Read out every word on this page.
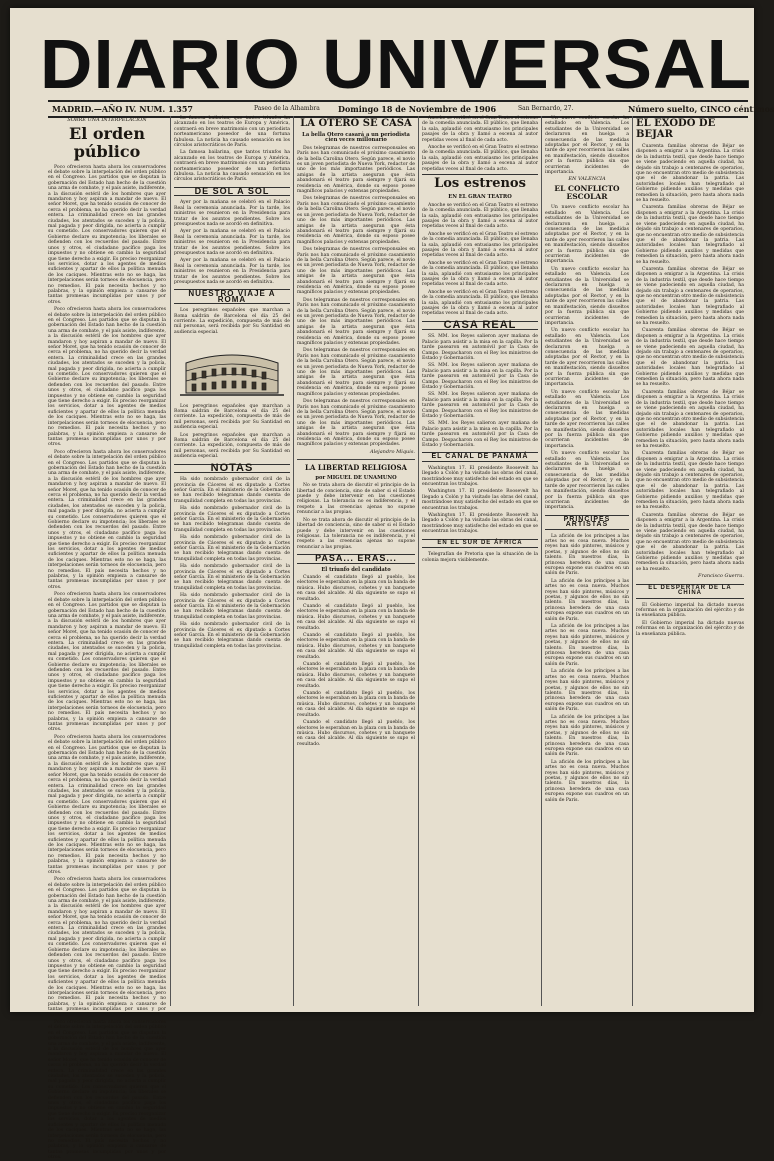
DIARIO UNIVERSAL
MADRID.—AÑO IV. NUM. 1.357	Paseo de la Alhambra Domingo 18 de Noviembre de 1906	San Bernardo, 27.	Número suelto, CINCO céntimos
SOBRE UNA INTERPELACIÓN
El orden público

Poco ofrecieron hasta ahora los conservadores el debate sobre la interpelación del orden público en el Congreso. Los partidos que se disputan la gobernación del Estado han hecho de la cuestión una arma de combate, y el país asiste, indiferente, a la discusión estéril de los hombres que ayer mandaron y hoy aspiran a mandar de nuevo. El señor Moret, que ha tenido ocasión de conocer de cerca el problema, no ha querido decir la verdad entera. La criminalidad crece en las grandes ciudades, los atentados se suceden y la policía, mal pagada y peor dirigida, no acierta a cumplir su cometido. Los conservadores quieren que el Gobierno declare su impotencia; los liberales se defienden con los recuerdos del pasado. Entre unos y otros, el ciudadano pacífico paga los impuestos y no obtiene en cambio la seguridad que tiene derecho a exigir. Es preciso reorganizar los servicios, dotar a los agentes de medios suficientes y apartar de ellos la política menuda de los caciques. Mientras esto no se haga, las interpelaciones serán torneos de elocuencia, pero no remedios. El país necesita hechos y no palabras, y la opinión empieza a cansarse de tantas promesas incumplidas por unos y por otros.

Poco ofrecieron hasta ahora los conservadores el debate sobre la interpelación del orden público en el Congreso. Los partidos que se disputan la gobernación del Estado han hecho de la cuestión una arma de combate, y el país asiste, indiferente, a la discusión estéril de los hombres que ayer mandaron y hoy aspiran a mandar de nuevo. El señor Moret, que ha tenido ocasión de conocer de cerca el problema, no ha querido decir la verdad entera. La criminalidad crece en las grandes ciudades, los atentados se suceden y la policía, mal pagada y peor dirigida, no acierta a cumplir su cometido. Los conservadores quieren que el Gobierno declare su impotencia; los liberales se defienden con los recuerdos del pasado. Entre unos y otros, el ciudadano pacífico paga los impuestos y no obtiene en cambio la seguridad que tiene derecho a exigir. Es preciso reorganizar los servicios, dotar a los agentes de medios suficientes y apartar de ellos la política menuda de los caciques. Mientras esto no se haga, las interpelaciones serán torneos de elocuencia, pero no remedios. El país necesita hechos y no palabras, y la opinión empieza a cansarse de tantas promesas incumplidas por unos y por otros.

Poco ofrecieron hasta ahora los conservadores el debate sobre la interpelación del orden público en el Congreso. Los partidos que se disputan la gobernación del Estado han hecho de la cuestión una arma de combate, y el país asiste, indiferente, a la discusión estéril de los hombres que ayer mandaron y hoy aspiran a mandar de nuevo. El señor Moret, que ha tenido ocasión de conocer de cerca el problema, no ha querido decir la verdad entera. La criminalidad crece en las grandes ciudades, los atentados se suceden y la policía, mal pagada y peor dirigida, no acierta a cumplir su cometido. Los conservadores quieren que el Gobierno declare su impotencia; los liberales se defienden con los recuerdos del pasado. Entre unos y otros, el ciudadano pacífico paga los impuestos y no obtiene en cambio la seguridad que tiene derecho a exigir. Es preciso reorganizar los servicios, dotar a los agentes de medios suficientes y apartar de ellos la política menuda de los caciques. Mientras esto no se haga, las interpelaciones serán torneos de elocuencia, pero no remedios. El país necesita hechos y no palabras, y la opinión empieza a cansarse de tantas promesas incumplidas por unos y por otros.

Poco ofrecieron hasta ahora los conservadores el debate sobre la interpelación del orden público en el Congreso. Los partidos que se disputan la gobernación del Estado han hecho de la cuestión una arma de combate, y el país asiste, indiferente, a la discusión estéril de los hombres que ayer mandaron y hoy aspiran a mandar de nuevo. El señor Moret, que ha tenido ocasión de conocer de cerca el problema, no ha querido decir la verdad entera. La criminalidad crece en las grandes ciudades, los atentados se suceden y la policía, mal pagada y peor dirigida, no acierta a cumplir su cometido. Los conservadores quieren que el Gobierno declare su impotencia; los liberales se defienden con los recuerdos del pasado. Entre unos y otros, el ciudadano pacífico paga los impuestos y no obtiene en cambio la seguridad que tiene derecho a exigir. Es preciso reorganizar los servicios, dotar a los agentes de medios suficientes y apartar de ellos la política menuda de los caciques. Mientras esto no se haga, las interpelaciones serán torneos de elocuencia, pero no remedios. El país necesita hechos y no palabras, y la opinión empieza a cansarse de tantas promesas incumplidas por unos y por otros.

Poco ofrecieron hasta ahora los conservadores el debate sobre la interpelación del orden público en el Congreso. Los partidos que se disputan la gobernación del Estado han hecho de la cuestión una arma de combate, y el país asiste, indiferente, a la discusión estéril de los hombres que ayer mandaron y hoy aspiran a mandar de nuevo. El señor Moret, que ha tenido ocasión de conocer de cerca el problema, no ha querido decir la verdad entera. La criminalidad crece en las grandes ciudades, los atentados se suceden y la policía, mal pagada y peor dirigida, no acierta a cumplir su cometido. Los conservadores quieren que el Gobierno declare su impotencia; los liberales se defienden con los recuerdos del pasado. Entre unos y otros, el ciudadano pacífico paga los impuestos y no obtiene en cambio la seguridad que tiene derecho a exigir. Es preciso reorganizar los servicios, dotar a los agentes de medios suficientes y apartar de ellos la política menuda de los caciques. Mientras esto no se haga, las interpelaciones serán torneos de elocuencia, pero no remedios. El país necesita hechos y no palabras, y la opinión empieza a cansarse de tantas promesas incumplidas por unos y por otros.

Poco ofrecieron hasta ahora los conservadores el debate sobre la interpelación del orden público en el Congreso. Los partidos que se disputan la gobernación del Estado han hecho de la cuestión una arma de combate, y el país asiste, indiferente, a la discusión estéril de los hombres que ayer mandaron y hoy aspiran a mandar de nuevo. El señor Moret, que ha tenido ocasión de conocer de cerca el problema, no ha querido decir la verdad entera. La criminalidad crece en las grandes ciudades, los atentados se suceden y la policía, mal pagada y peor dirigida, no acierta a cumplir su cometido. Los conservadores quieren que el Gobierno declare su impotencia; los liberales se defienden con los recuerdos del pasado. Entre unos y otros, el ciudadano pacífico paga los impuestos y no obtiene en cambio la seguridad que tiene derecho a exigir. Es preciso reorganizar los servicios, dotar a los agentes de medios suficientes y apartar de ellos la política menuda de los caciques. Mientras esto no se haga, las interpelaciones serán torneos de elocuencia, pero no remedios. El país necesita hechos y no palabras, y la opinión empieza a cansarse de tantas promesas incumplidas por unos y por otros.

Poco ofrecieron hasta ahora los conservadores el debate sobre la interpelación del orden público en el Congreso. Los partidos que se disputan la gobernación del Estado han hecho de la cuestión una arma de combate, y el país asiste, indiferente, a la discusión estéril de los hombres que ayer mandaron y hoy aspiran a mandar de nuevo. El señor Moret, que ha tenido ocasión de conocer de cerca el problema, no ha querido decir la verdad entera. La criminalidad crece en las grandes ciudades, los atentados se suceden y la policía, mal pagada y peor dirigida, no acierta a cumplir su cometido. Los conservadores quieren que el Gobierno declare su impotencia; los liberales se defienden con los recuerdos del pasado. Entre unos y otros, el ciudadano pacífico paga los impuestos y no obtiene en cambio la seguridad que tiene derecho a exigir. Es preciso reorganizar los servicios, dotar a los agentes de medios suficientes y apartar de ellos la política menuda de los caciques. Mientras esto no se haga, las interpelaciones serán torneos de elocuencia, pero no remedios. El país necesita hechos y no palabras, y la opinión empieza a cansarse de tantas promesas incumplidas por unos y por otros.

La famosa bailarina, que tantos triunfos ha alcanzado en los teatros de Europa y América, contraerá en breve matrimonio con un periodista norteamericano poseedor de una fortuna fabulosa. La noticia ha causado sensación en los círculos aristocráticos de París.

La famosa bailarina, que tantos triunfos ha alcanzado en los teatros de Europa y América, contraerá en breve matrimonio con un periodista norteamericano poseedor de una fortuna fabulosa. La noticia ha causado sensación en los círculos aristocráticos de París.

DE SOL A SOL

Ayer por la mañana se celebró en el Palacio Real la ceremonia anunciada. Por la tarde, los ministros se reunieron en la Presidencia para tratar de los asuntos pendientes. Sobre los presupuestos nada se acordó en definitiva.

Ayer por la mañana se celebró en el Palacio Real la ceremonia anunciada. Por la tarde, los ministros se reunieron en la Presidencia para tratar de los asuntos pendientes. Sobre los presupuestos nada se acordó en definitiva.

Ayer por la mañana se celebró en el Palacio Real la ceremonia anunciada. Por la tarde, los ministros se reunieron en la Presidencia para tratar de los asuntos pendientes. Sobre los presupuestos nada se acordó en definitiva.

NUESTRO VIAJE A ROMA

Los peregrinos españoles que marchan a Roma saldrán de Barcelona el día 25 del corriente. La expedición, compuesta de más de mil personas, será recibida por Su Santidad en audiencia especial.

Los peregrinos españoles que marchan a Roma saldrán de Barcelona el día 25 del corriente. La expedición, compuesta de más de mil personas, será recibida por Su Santidad en audiencia especial.

Los peregrinos españoles que marchan a Roma saldrán de Barcelona el día 25 del corriente. La expedición, compuesta de más de mil personas, será recibida por Su Santidad en audiencia especial.

NOTAS

Ha sido nombrado gobernador civil de la provincia de Cáceres el ex diputado a Cortes señor García. En el ministerio de la Gobernación se han recibido telegramas dando cuenta de tranquilidad completa en todas las provincias.

Ha sido nombrado gobernador civil de la provincia de Cáceres el ex diputado a Cortes señor García. En el ministerio de la Gobernación se han recibido telegramas dando cuenta de tranquilidad completa en todas las provincias.

Ha sido nombrado gobernador civil de la provincia de Cáceres el ex diputado a Cortes señor García. En el ministerio de la Gobernación se han recibido telegramas dando cuenta de tranquilidad completa en todas las provincias.

Ha sido nombrado gobernador civil de la provincia de Cáceres el ex diputado a Cortes señor García. En el ministerio de la Gobernación se han recibido telegramas dando cuenta de tranquilidad completa en todas las provincias.

Ha sido nombrado gobernador civil de la provincia de Cáceres el ex diputado a Cortes señor García. En el ministerio de la Gobernación se han recibido telegramas dando cuenta de tranquilidad completa en todas las provincias.

Ha sido nombrado gobernador civil de la provincia de Cáceres el ex diputado a Cortes señor García. En el ministerio de la Gobernación se han recibido telegramas dando cuenta de tranquilidad completa en todas las provincias.

LA OTERO SE CASA
La bella Otero casará a un periodista cien veces millonario

Dos telegramas de nuestros corresponsales en París nos han comunicado el próximo casamiento de la bella Carolina Otero. Según parece, el novio es un joven periodista de Nueva York, redactor de uno de los más importantes periódicos. Las amigas de la artista aseguran que ésta abandonará el teatro para siempre y fijará su residencia en América, donde su esposo posee magníficos palacios y extensas propiedades.

Dos telegramas de nuestros corresponsales en París nos han comunicado el próximo casamiento de la bella Carolina Otero. Según parece, el novio es un joven periodista de Nueva York, redactor de uno de los más importantes periódicos. Las amigas de la artista aseguran que ésta abandonará el teatro para siempre y fijará su residencia en América, donde su esposo posee magníficos palacios y extensas propiedades.

Dos telegramas de nuestros corresponsales en París nos han comunicado el próximo casamiento de la bella Carolina Otero. Según parece, el novio es un joven periodista de Nueva York, redactor de uno de los más importantes periódicos. Las amigas de la artista aseguran que ésta abandonará el teatro para siempre y fijará su residencia en América, donde su esposo posee magníficos palacios y extensas propiedades.

Dos telegramas de nuestros corresponsales en París nos han comunicado el próximo casamiento de la bella Carolina Otero. Según parece, el novio es un joven periodista de Nueva York, redactor de uno de los más importantes periódicos. Las amigas de la artista aseguran que ésta abandonará el teatro para siempre y fijará su residencia en América, donde su esposo posee magníficos palacios y extensas propiedades.

Dos telegramas de nuestros corresponsales en París nos han comunicado el próximo casamiento de la bella Carolina Otero. Según parece, el novio es un joven periodista de Nueva York, redactor de uno de los más importantes periódicos. Las amigas de la artista aseguran que ésta abandonará el teatro para siempre y fijará su residencia en América, donde su esposo posee magníficos palacios y extensas propiedades.

Dos telegramas de nuestros corresponsales en París nos han comunicado el próximo casamiento de la bella Carolina Otero. Según parece, el novio es un joven periodista de Nueva York, redactor de uno de los más importantes periódicos. Las amigas de la artista aseguran que ésta abandonará el teatro para siempre y fijará su residencia en América, donde su esposo posee magníficos palacios y extensas propiedades.

Alejandro Miquis.
LA LIBERTAD RELIGIOSA
por MIGUEL DE UNAMUNO

No se trata ahora de discutir el principio de la libertad de conciencia, sino de saber si el Estado puede y debe intervenir en las cuestiones religiosas. La tolerancia no es indiferencia, y el respeto a las creencias ajenas no supone renunciar a las propias.

No se trata ahora de discutir el principio de la libertad de conciencia, sino de saber si el Estado puede y debe intervenir en las cuestiones religiosas. La tolerancia no es indiferencia, y el respeto a las creencias ajenas no supone renunciar a las propias.

PASA... ERAS...
El triunfo del candidato

Cuando el candidato llegó al pueblo, los electores le esperaban en la plaza con la banda de música. Hubo discursos, cohetes y un banquete en casa del alcalde. Al día siguiente se supo el resultado.

Cuando el candidato llegó al pueblo, los electores le esperaban en la plaza con la banda de música. Hubo discursos, cohetes y un banquete en casa del alcalde. Al día siguiente se supo el resultado.

Cuando el candidato llegó al pueblo, los electores le esperaban en la plaza con la banda de música. Hubo discursos, cohetes y un banquete en casa del alcalde. Al día siguiente se supo el resultado.

Cuando el candidato llegó al pueblo, los electores le esperaban en la plaza con la banda de música. Hubo discursos, cohetes y un banquete en casa del alcalde. Al día siguiente se supo el resultado.

Cuando el candidato llegó al pueblo, los electores le esperaban en la plaza con la banda de música. Hubo discursos, cohetes y un banquete en casa del alcalde. Al día siguiente se supo el resultado.

Cuando el candidato llegó al pueblo, los electores le esperaban en la plaza con la banda de música. Hubo discursos, cohetes y un banquete en casa del alcalde. Al día siguiente se supo el resultado.

Anoche se verificó en el Gran Teatro el estreno de la comedia anunciada. El público, que llenaba la sala, aplaudió con entusiasmo los principales pasajes de la obra y llamó a escena al autor repetidas veces al final de cada acto.

Anoche se verificó en el Gran Teatro el estreno de la comedia anunciada. El público, que llenaba la sala, aplaudió con entusiasmo los principales pasajes de la obra y llamó a escena al autor repetidas veces al final de cada acto.

Los estrenos
EN EL GRAN TEATRO

Anoche se verificó en el Gran Teatro el estreno de la comedia anunciada. El público, que llenaba la sala, aplaudió con entusiasmo los principales pasajes de la obra y llamó a escena al autor repetidas veces al final de cada acto.

Anoche se verificó en el Gran Teatro el estreno de la comedia anunciada. El público, que llenaba la sala, aplaudió con entusiasmo los principales pasajes de la obra y llamó a escena al autor repetidas veces al final de cada acto.

Anoche se verificó en el Gran Teatro el estreno de la comedia anunciada. El público, que llenaba la sala, aplaudió con entusiasmo los principales pasajes de la obra y llamó a escena al autor repetidas veces al final de cada acto.

Anoche se verificó en el Gran Teatro el estreno de la comedia anunciada. El público, que llenaba la sala, aplaudió con entusiasmo los principales pasajes de la obra y llamó a escena al autor repetidas veces al final de cada acto.

CASA REAL

SS. MM. los Reyes salieron ayer mañana de Palacio para asistir a la misa en la capilla. Por la tarde pasearon en automóvil por la Casa de Campo. Despacharon con el Rey los ministros de Estado y Gobernación.

SS. MM. los Reyes salieron ayer mañana de Palacio para asistir a la misa en la capilla. Por la tarde pasearon en automóvil por la Casa de Campo. Despacharon con el Rey los ministros de Estado y Gobernación.

SS. MM. los Reyes salieron ayer mañana de Palacio para asistir a la misa en la capilla. Por la tarde pasearon en automóvil por la Casa de Campo. Despacharon con el Rey los ministros de Estado y Gobernación.

SS. MM. los Reyes salieron ayer mañana de Palacio para asistir a la misa en la capilla. Por la tarde pasearon en automóvil por la Casa de Campo. Despacharon con el Rey los ministros de Estado y Gobernación.

EL CANAL DE PANAMÁ

Washington 17. El presidente Roosevelt ha llegado a Colón y ha visitado las obras del canal, mostrándose muy satisfecho del estado en que se encuentran los trabajos.

Washington 17. El presidente Roosevelt ha llegado a Colón y ha visitado las obras del canal, mostrándose muy satisfecho del estado en que se encuentran los trabajos.

Washington 17. El presidente Roosevelt ha llegado a Colón y ha visitado las obras del canal, mostrándose muy satisfecho del estado en que se encuentran los trabajos.

EN EL SUR DE ÁFRICA

Telegrafían de Pretoria que la situación de la colonia mejora visiblemente.

Un nuevo conflicto escolar ha estallado en Valencia. Los estudiantes de la Universidad se declararon en huelga a consecuencia de las medidas adoptadas por el Rector, y en la tarde de ayer recorrieron las calles en manifestación, siendo disueltos por la fuerza pública sin que ocurrieran incidentes de importancia.

EN VALENCIA
EL CONFLICTO ESCOLAR

Un nuevo conflicto escolar ha estallado en Valencia. Los estudiantes de la Universidad se declararon en huelga a consecuencia de las medidas adoptadas por el Rector, y en la tarde de ayer recorrieron las calles en manifestación, siendo disueltos por la fuerza pública sin que ocurrieran incidentes de importancia.

Un nuevo conflicto escolar ha estallado en Valencia. Los estudiantes de la Universidad se declararon en huelga a consecuencia de las medidas adoptadas por el Rector, y en la tarde de ayer recorrieron las calles en manifestación, siendo disueltos por la fuerza pública sin que ocurrieran incidentes de importancia.

Un nuevo conflicto escolar ha estallado en Valencia. Los estudiantes de la Universidad se declararon en huelga a consecuencia de las medidas adoptadas por el Rector, y en la tarde de ayer recorrieron las calles en manifestación, siendo disueltos por la fuerza pública sin que ocurrieran incidentes de importancia.

Un nuevo conflicto escolar ha estallado en Valencia. Los estudiantes de la Universidad se declararon en huelga a consecuencia de las medidas adoptadas por el Rector, y en la tarde de ayer recorrieron las calles en manifestación, siendo disueltos por la fuerza pública sin que ocurrieran incidentes de importancia.

Un nuevo conflicto escolar ha estallado en Valencia. Los estudiantes de la Universidad se declararon en huelga a consecuencia de las medidas adoptadas por el Rector, y en la tarde de ayer recorrieron las calles en manifestación, siendo disueltos por la fuerza pública sin que ocurrieran incidentes de importancia.

PRINCIPES ARTISTAS

La afición de los príncipes a las artes no es cosa nueva. Muchos reyes han sido pintores, músicos y poetas, y algunos de ellos no sin talento. En nuestros días, la princesa heredera de una casa europea expone sus cuadros en un salón de París.

La afición de los príncipes a las artes no es cosa nueva. Muchos reyes han sido pintores, músicos y poetas, y algunos de ellos no sin talento. En nuestros días, la princesa heredera de una casa europea expone sus cuadros en un salón de París.

La afición de los príncipes a las artes no es cosa nueva. Muchos reyes han sido pintores, músicos y poetas, y algunos de ellos no sin talento. En nuestros días, la princesa heredera de una casa europea expone sus cuadros en un salón de París.

La afición de los príncipes a las artes no es cosa nueva. Muchos reyes han sido pintores, músicos y poetas, y algunos de ellos no sin talento. En nuestros días, la princesa heredera de una casa europea expone sus cuadros en un salón de París.

La afición de los príncipes a las artes no es cosa nueva. Muchos reyes han sido pintores, músicos y poetas, y algunos de ellos no sin talento. En nuestros días, la princesa heredera de una casa europea expone sus cuadros en un salón de París.

La afición de los príncipes a las artes no es cosa nueva. Muchos reyes han sido pintores, músicos y poetas, y algunos de ellos no sin talento. En nuestros días, la princesa heredera de una casa europea expone sus cuadros en un salón de París.

EL EXODO DE BEJAR

Cuarenta familias obreras de Béjar se disponen a emigrar a la Argentina. La crisis de la industria textil, que desde hace tiempo se viene padeciendo en aquella ciudad, ha dejado sin trabajo a centenares de operarios, que no encuentran otro medio de subsistencia que el de abandonar la patria. Las autoridades locales han telegrafiado al Gobierno pidiendo auxilios y medidas que remedien la situación, pero hasta ahora nada se ha resuelto.

Cuarenta familias obreras de Béjar se disponen a emigrar a la Argentina. La crisis de la industria textil, que desde hace tiempo se viene padeciendo en aquella ciudad, ha dejado sin trabajo a centenares de operarios, que no encuentran otro medio de subsistencia que el de abandonar la patria. Las autoridades locales han telegrafiado al Gobierno pidiendo auxilios y medidas que remedien la situación, pero hasta ahora nada se ha resuelto.

Cuarenta familias obreras de Béjar se disponen a emigrar a la Argentina. La crisis de la industria textil, que desde hace tiempo se viene padeciendo en aquella ciudad, ha dejado sin trabajo a centenares de operarios, que no encuentran otro medio de subsistencia que el de abandonar la patria. Las autoridades locales han telegrafiado al Gobierno pidiendo auxilios y medidas que remedien la situación, pero hasta ahora nada se ha resuelto.

Cuarenta familias obreras de Béjar se disponen a emigrar a la Argentina. La crisis de la industria textil, que desde hace tiempo se viene padeciendo en aquella ciudad, ha dejado sin trabajo a centenares de operarios, que no encuentran otro medio de subsistencia que el de abandonar la patria. Las autoridades locales han telegrafiado al Gobierno pidiendo auxilios y medidas que remedien la situación, pero hasta ahora nada se ha resuelto.

Cuarenta familias obreras de Béjar se disponen a emigrar a la Argentina. La crisis de la industria textil, que desde hace tiempo se viene padeciendo en aquella ciudad, ha dejado sin trabajo a centenares de operarios, que no encuentran otro medio de subsistencia que el de abandonar la patria. Las autoridades locales han telegrafiado al Gobierno pidiendo auxilios y medidas que remedien la situación, pero hasta ahora nada se ha resuelto.

Cuarenta familias obreras de Béjar se disponen a emigrar a la Argentina. La crisis de la industria textil, que desde hace tiempo se viene padeciendo en aquella ciudad, ha dejado sin trabajo a centenares de operarios, que no encuentran otro medio de subsistencia que el de abandonar la patria. Las autoridades locales han telegrafiado al Gobierno pidiendo auxilios y medidas que remedien la situación, pero hasta ahora nada se ha resuelto.

Cuarenta familias obreras de Béjar se disponen a emigrar a la Argentina. La crisis de la industria textil, que desde hace tiempo se viene padeciendo en aquella ciudad, ha dejado sin trabajo a centenares de operarios, que no encuentran otro medio de subsistencia que el de abandonar la patria. Las autoridades locales han telegrafiado al Gobierno pidiendo auxilios y medidas que remedien la situación, pero hasta ahora nada se ha resuelto.

Francisco Guerra.
EL DESPERTAR DE LA CHINA

El Gobierno imperial ha dictado nuevas reformas en la organización del ejército y de la enseñanza pública.

El Gobierno imperial ha dictado nuevas reformas en la organización del ejército y de la enseñanza pública.
